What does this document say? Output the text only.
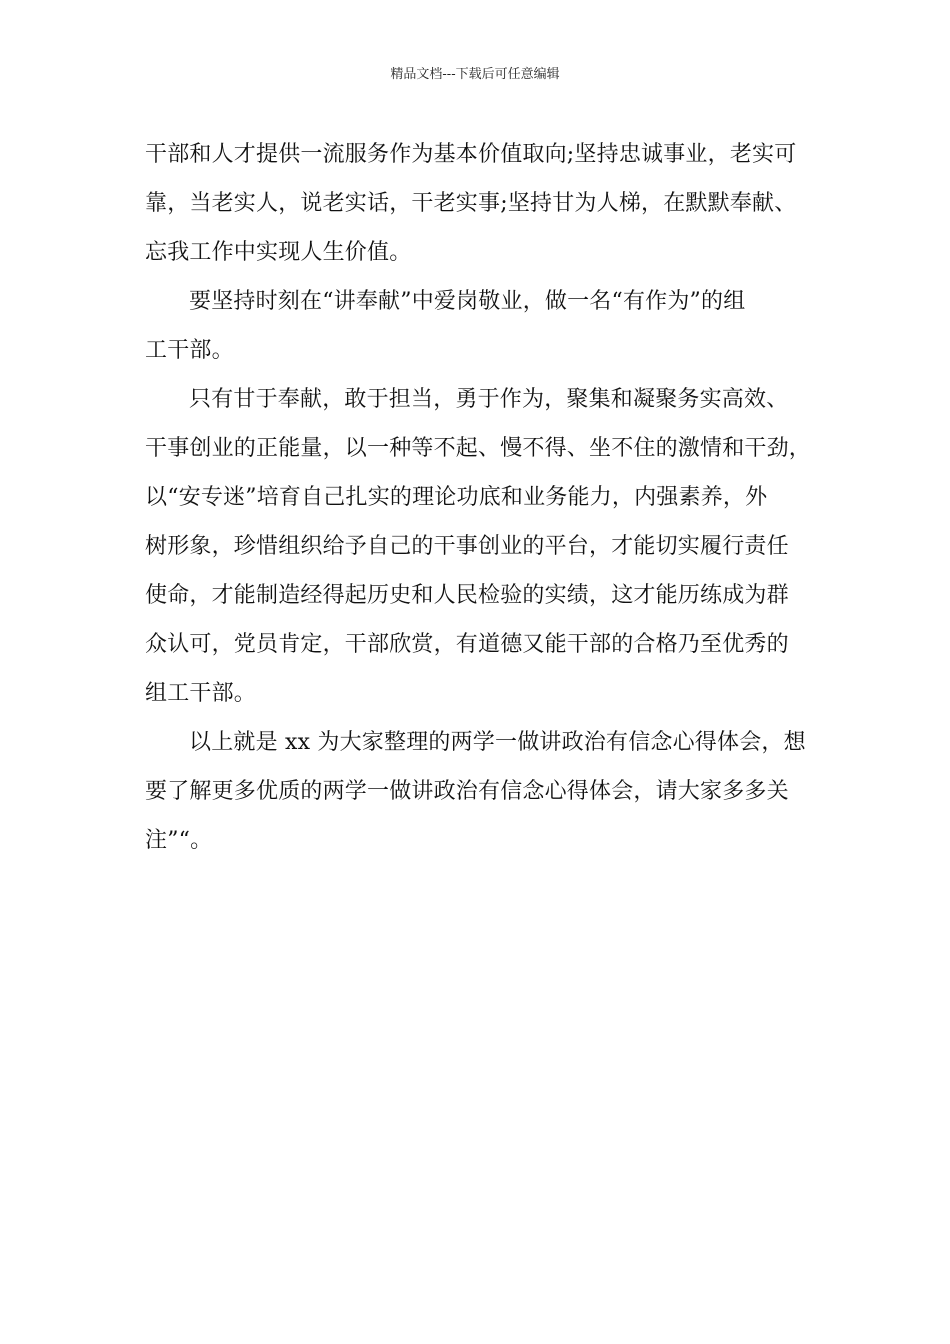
精品文档---下载后可任意编辑
干部和人才提供一流服务作为基本价值取向;坚持忠诚事业，老实可
靠，当老实人，说老实话，干老实事;坚持甘为人梯，在默默奉献、
忘我工作中实现人生价值。
要坚持时刻在“讲奉献”中爱岗敬业，做一名“有作为”的组
工干部。
只有甘于奉献，敢于担当，勇于作为，聚集和凝聚务实高效、
干事创业的正能量，以一种等不起、慢不得、坐不住的激情和干劲，
以“安专迷”培育自己扎实的理论功底和业务能力，内强素养，外
树形象，珍惜组织给予自己的干事创业的平台，才能切实履行责任
使命，才能制造经得起历史和人民检验的实绩，这才能历练成为群
众认可，党员肯定，干部欣赏，有道德又能干部的合格乃至优秀的
组工干部。
以上就是 xx 为大家整理的两学一做讲政治有信念心得体会，想
要了解更多优质的两学一做讲政治有信念心得体会，请大家多多关
注”“。
